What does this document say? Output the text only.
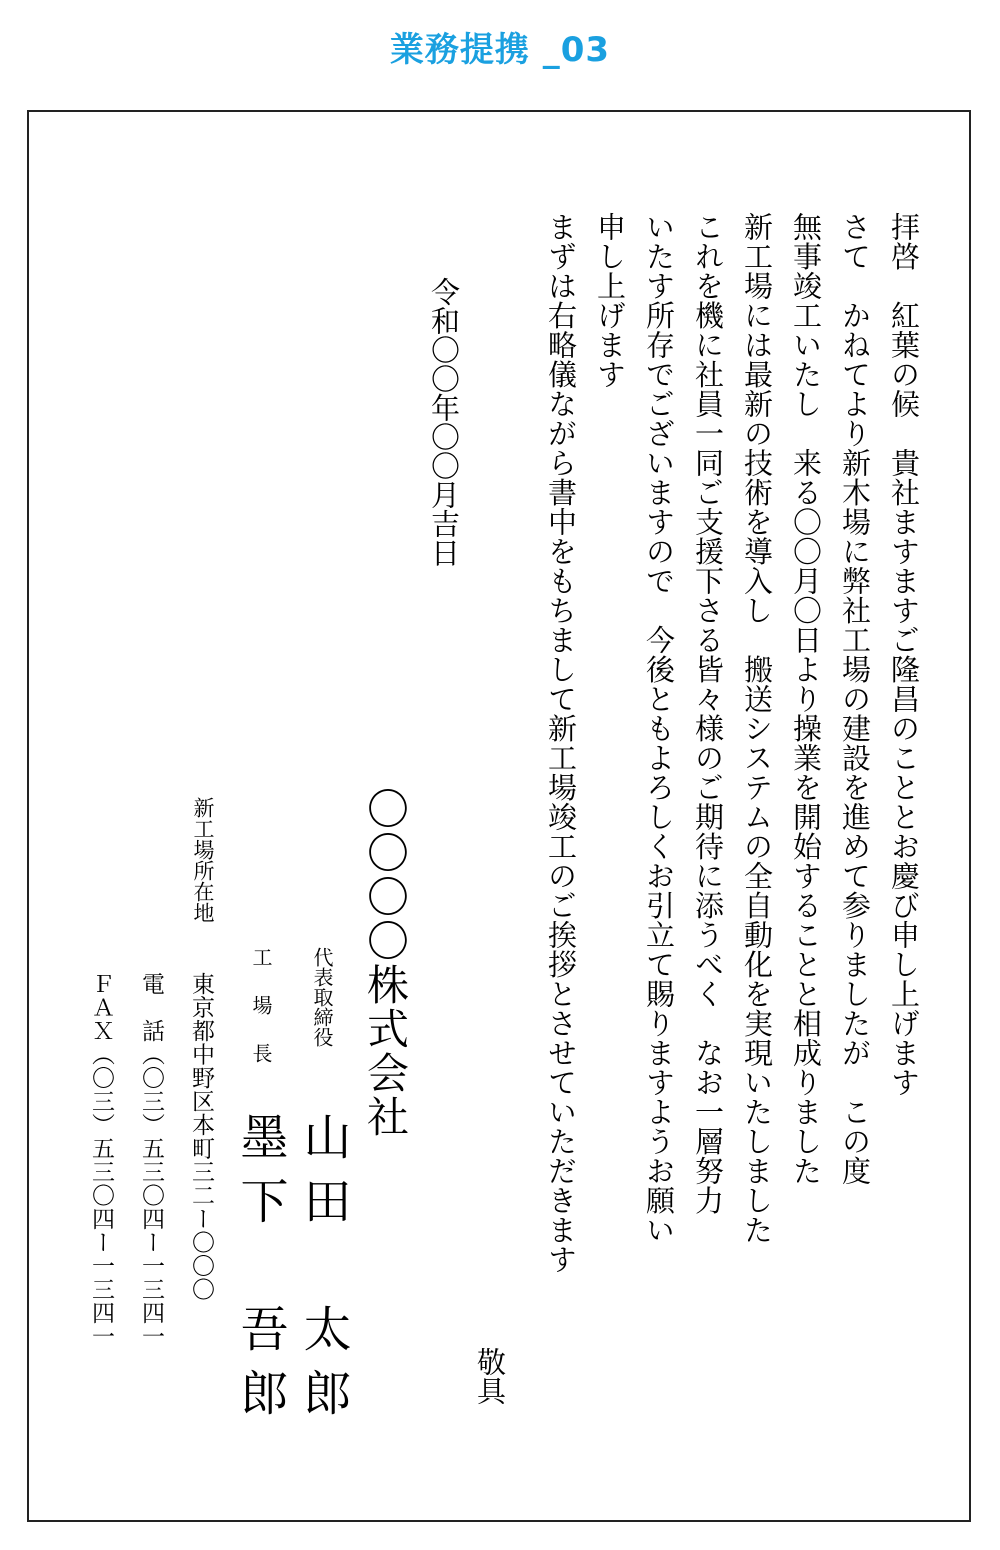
業務提携 _03
拝啓　紅葉の候　貴社ますますご隆昌のこととお慶び申し上げます
さて　かねてより新木場に弊社工場の建設を進めて参りましたが　この度
無事竣工いたし　来る〇〇月〇日より操業を開始することと相成りました
新工場には最新の技術を導入し　搬送システムの全自動化を実現いたしました
これを機に社員一同ご支援下さる皆々様のご期待に添うべく　なお一層努力
いたす所存でございますので　今後ともよろしくお引立て賜りますようお願い
申し上げます
まずは右略儀ながら書中をもちまして新工場竣工のご挨拶とさせていただきます
敬具
令和〇〇年〇〇月吉日
〇〇〇〇株式会社
代表取締役
山田　太郎
工　場　長
墨下　吾郎
新工場所在地
東京都中野区本町三二ー〇〇〇
電　話（〇三）五三〇四ー一三四一
ＦＡＸ（〇三）五三〇四ー一三四一
